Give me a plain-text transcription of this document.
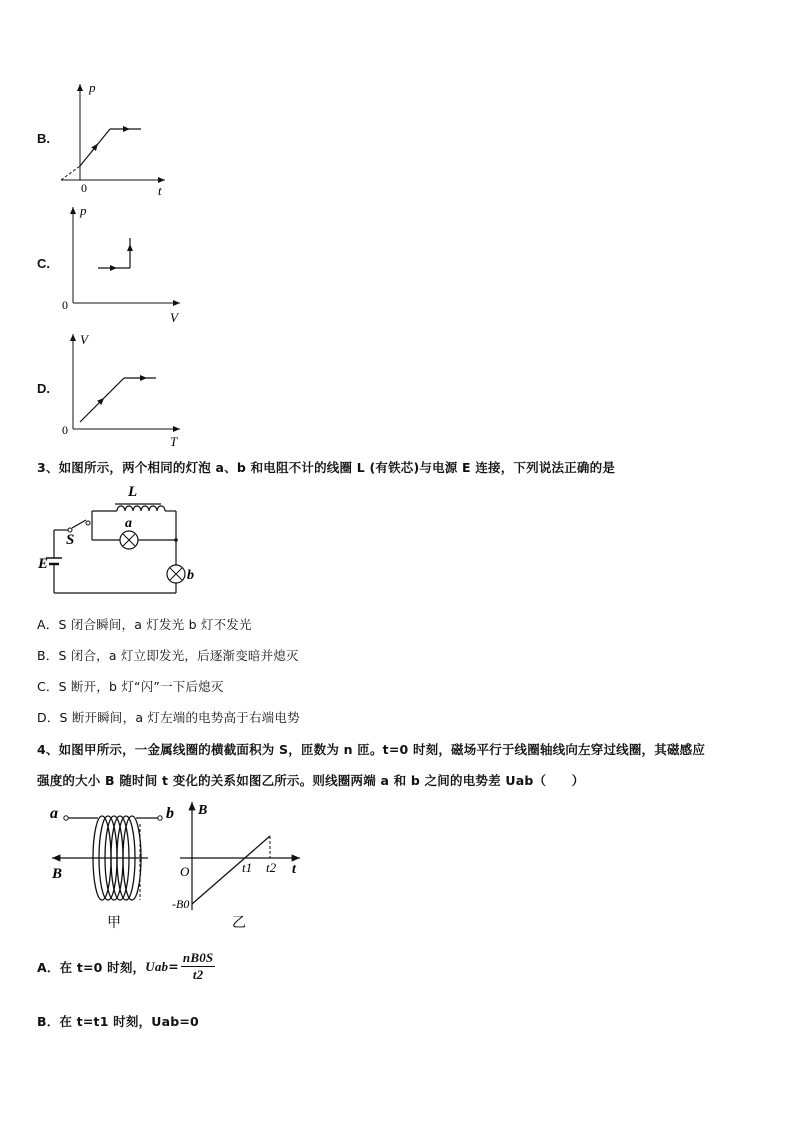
B.
p
0	t
C.
p
0
V
D.
V
0
T
3、如图所示，两个相同的灯泡 a、b 和电阻不计的线圈 L (有铁芯)与电源 E 连接，下列说法正确的是
L
S
a
b
E
A．S 闭合瞬间，a 灯发光 b 灯不发光
B．S 闭合，a 灯立即发光，后逐渐变暗并熄灭
C．S 断开，b 灯“闪”一下后熄灭
D．S 断开瞬间，a 灯左端的电势高于右端电势
4、如图甲所示，一金属线圈的横截面积为 S，匝数为 n 匝。t=0 时刻，磁场平行于线圈轴线向左穿过线圈，其磁感应
强度的大小 B 随时间 t 变化的关系如图乙所示。则线圈两端 a 和 b 之间的电势差 Uab（　　）
a	b
B
甲
B
O	t1 t2 t
-B0
乙
A．在 t=0 时刻， Uab = $\frac{nB0S}{t2}$
B．在 t=t1 时刻，Uab=0
